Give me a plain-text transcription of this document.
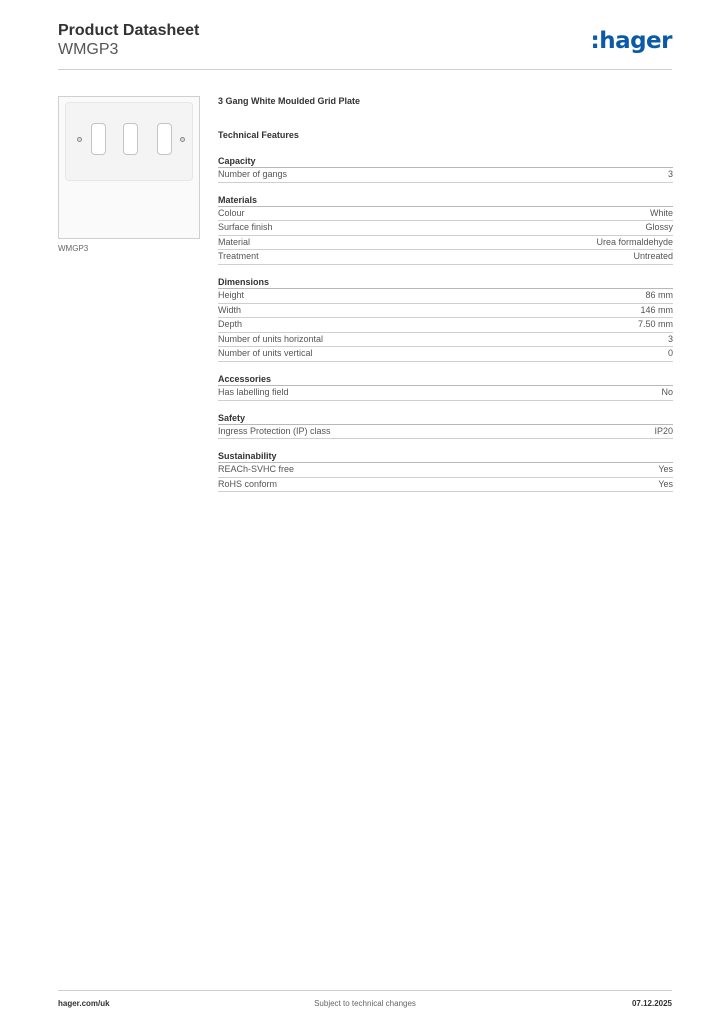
Product Datasheet
WMGP3	:hager
WMGP3
3 Gang White Moulded Grid Plate
Technical Features
Capacity
Number of gangs	3
Materials
Colour	White
Surface finish	Glossy
Material	Urea formaldehyde
Treatment	Untreated
Dimensions
Height	86 mm
Width	146 mm
Depth	7.50 mm
Number of units horizontal	3
Number of units vertical	0
Accessories
Has labelling field	No
Safety
Ingress Protection (IP) class	IP20
Sustainability
REACh-SVHC free	Yes
RoHS conform	Yes
hager.com/uk	Subject to technical changes	07.12.2025
